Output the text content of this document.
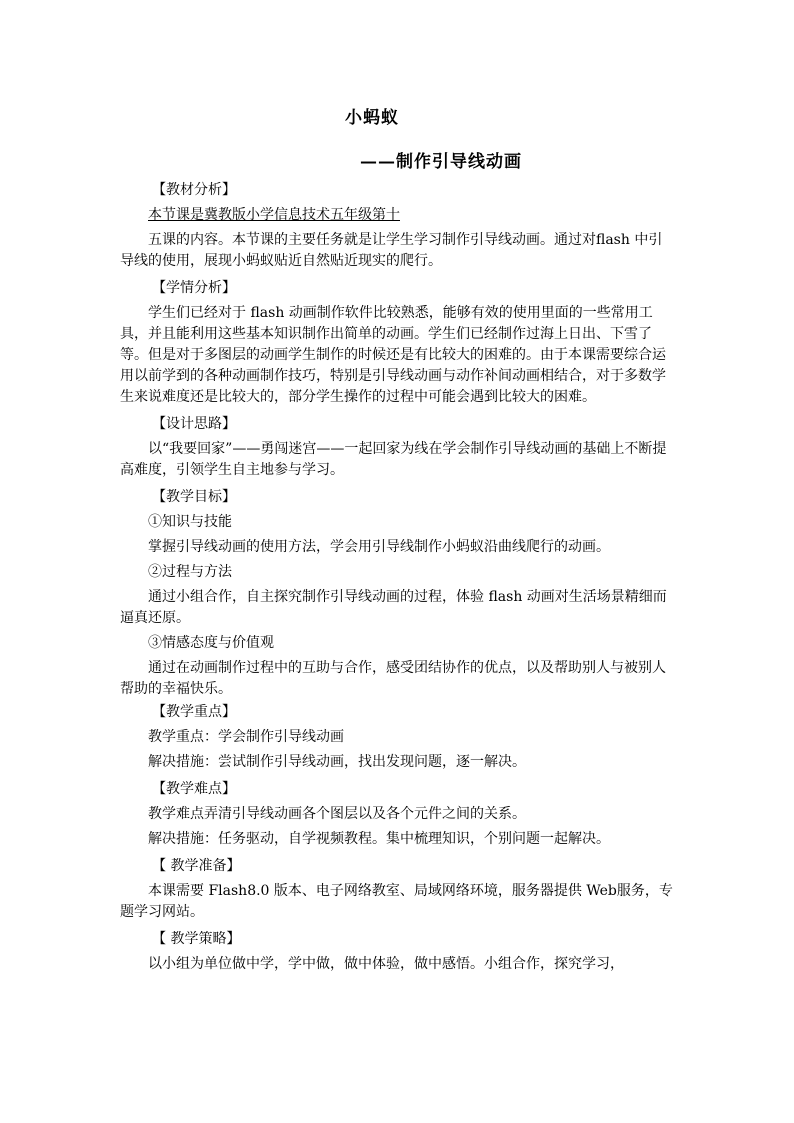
小蚂蚁
——制作引导线动画

【教材分析】

本节课是冀教版小学信息技术五年级第十

五课的内容。本节课的主要任务就是让学生学习制作引导线动画。通过对flash 中引导线的使用，展现小蚂蚁贴近自然贴近现实的爬行。

【学情分析】

学生们已经对于 flash 动画制作软件比较熟悉，能够有效的使用里面的一些常用工具，并且能利用这些基本知识制作出简单的动画。学生们已经制作过海上日出、下雪了等。但是对于多图层的动画学生制作的时候还是有比较大的困难的。由于本课需要综合运用以前学到的各种动画制作技巧，特别是引导线动画与动作补间动画相结合，对于多数学生来说难度还是比较大的，部分学生操作的过程中可能会遇到比较大的困难。

【设计思路】

以“我要回家”——勇闯迷宫——一起回家为线在学会制作引导线动画的基础上不断提高难度，引领学生自主地参与学习。

【教学目标】

①知识与技能

掌握引导线动画的使用方法，学会用引导线制作小蚂蚁沿曲线爬行的动画。

②过程与方法

通过小组合作，自主探究制作引导线动画的过程，体验 flash 动画对生活场景精细而逼真还原。

③情感态度与价值观

通过在动画制作过程中的互助与合作，感受团结协作的优点，以及帮助别人与被别人帮助的幸福快乐。

【教学重点】

教学重点：学会制作引导线动画

解决措施：尝试制作引导线动画，找出发现问题，逐一解决。

【教学难点】

教学难点弄清引导线动画各个图层以及各个元件之间的关系。

解决措施：任务驱动，自学视频教程。集中梳理知识，个别问题一起解决。

【 教学准备】

本课需要 Flash8.0 版本、电子网络教室、局域网络环境，服务器提供 Web服务，专题学习网站。

【 教学策略】

以小组为单位做中学，学中做，做中体验，做中感悟。小组合作，探究学习，
